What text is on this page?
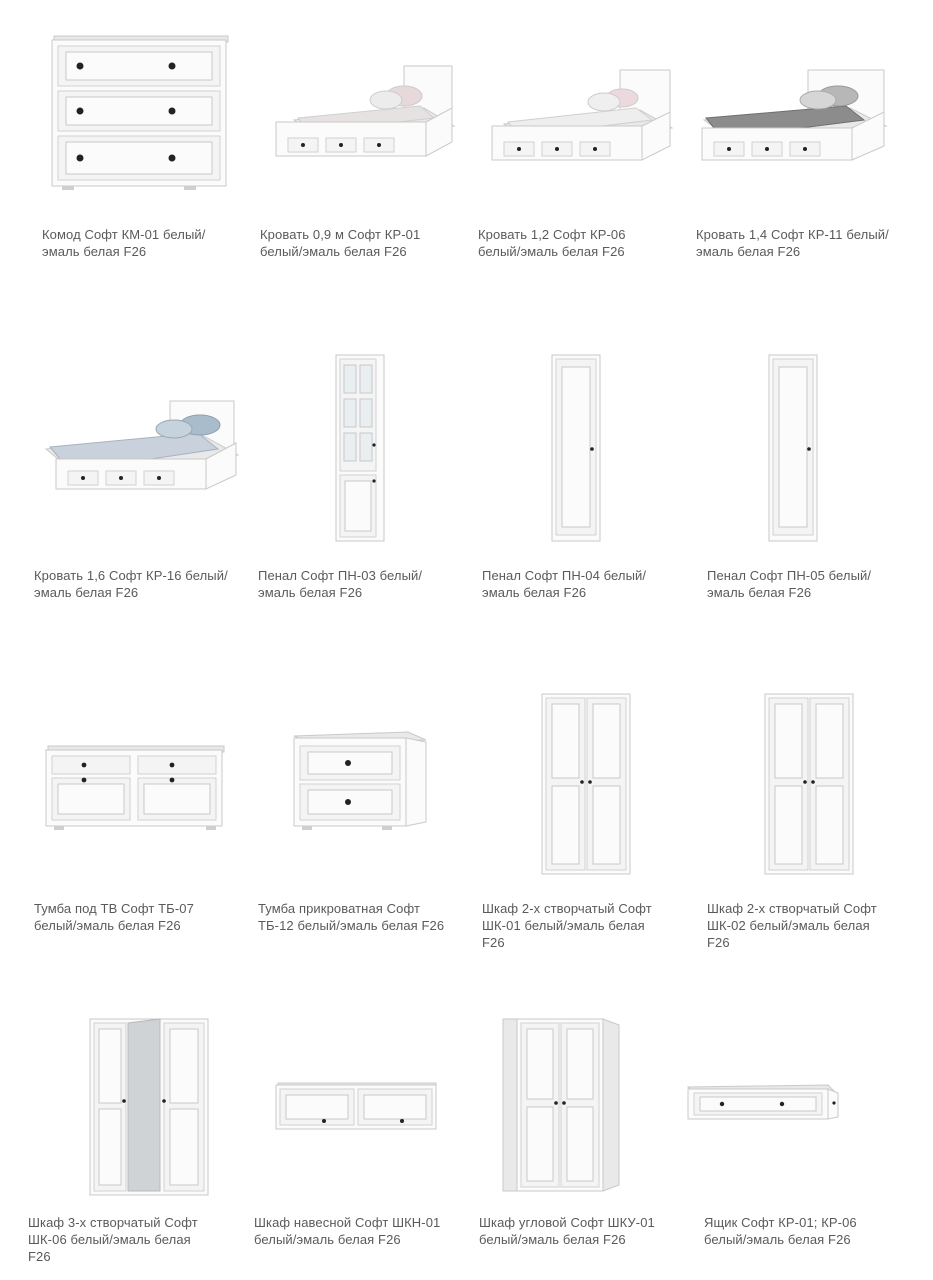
Комод Софт КМ-01 белый/
эмаль белая F26
Кровать 0,9 м Софт КР-01
белый/эмаль белая F26
Кровать 1,2 Софт КР-06
белый/эмаль белая F26
Кровать 1,4 Софт КР-11 белый/
эмаль белая F26
Кровать 1,6 Софт КР-16 белый/
эмаль белая F26
Пенал Софт ПН-03 белый/
эмаль белая F26
Пенал Софт ПН-04 белый/
эмаль белая F26
Пенал Софт ПН-05 белый/
эмаль белая F26
Тумба под ТВ Софт ТБ-07
белый/эмаль белая F26
Тумба прикроватная Софт
ТБ-12 белый/эмаль белая F26
Шкаф 2-х створчатый Софт
ШК-01 белый/эмаль белая
F26
Шкаф 2-х створчатый Софт
ШК-02 белый/эмаль белая
F26
Шкаф 3-х створчатый Софт
ШК-06 белый/эмаль белая
F26
Шкаф навесной Софт ШКН-01
белый/эмаль белая F26
Шкаф угловой Софт ШКУ-01
белый/эмаль белая F26
Ящик Софт КР-01; КР-06
белый/эмаль белая F26
